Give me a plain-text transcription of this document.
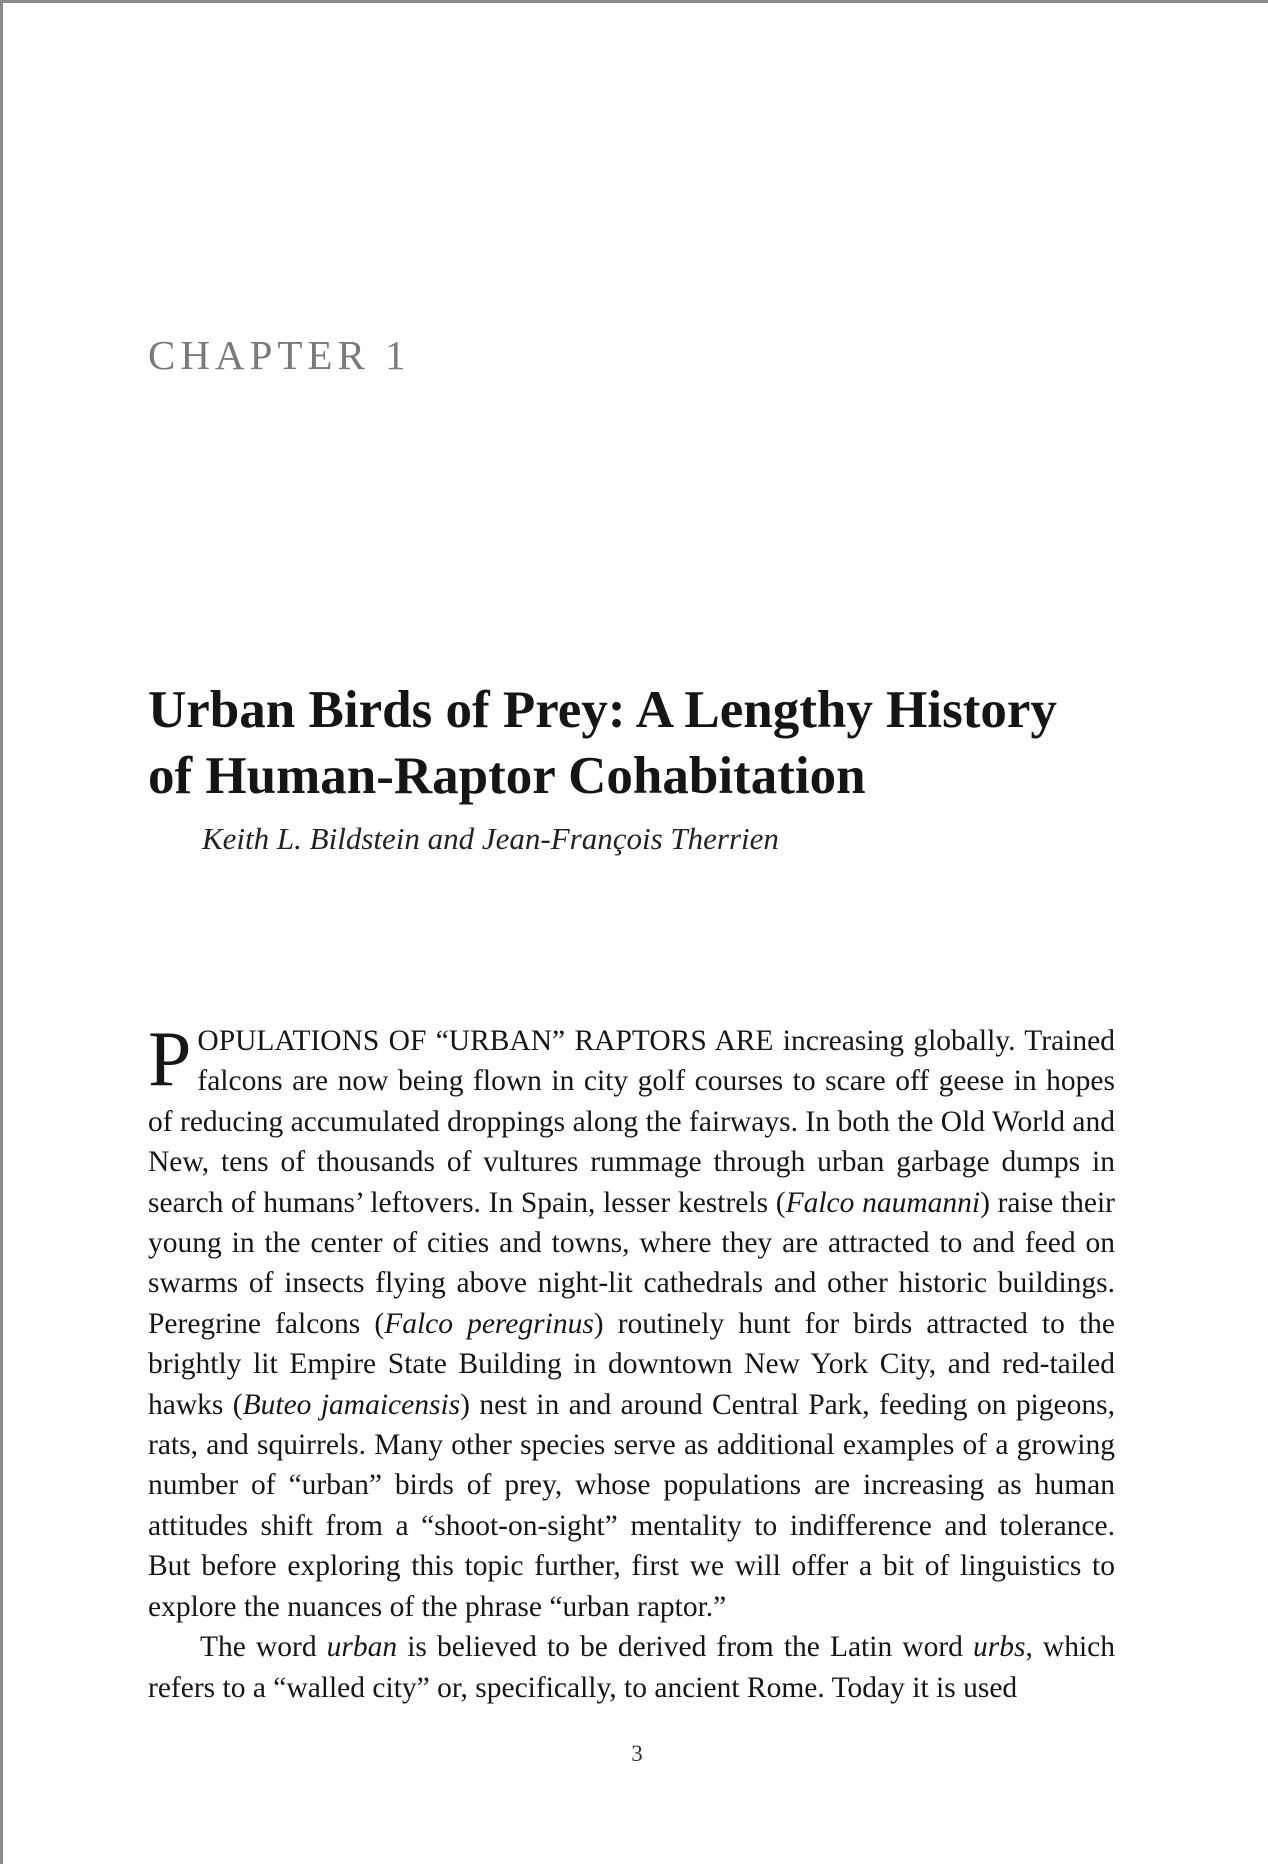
CHAPTER 1
Urban Birds of Prey: A Lengthy History
of Human-Raptor Cohabitation

Keith L. Bildstein and Jean-François Therrien

POPULATIONS OF “URBAN” RAPTORS ARE increasing globally. Trained falcons are now being flown in city golf courses to scare off geese in hopes of reducing accumulated droppings along the fairways. In both the Old World and New, tens of thousands of vultures rummage through urban garbage dumps in search of humans’ leftovers. In Spain, lesser kestrels (Falco naumanni) raise their young in the center of cities and towns, where they are attracted to and feed on swarms of insects flying above night-lit cathedrals and other historic buildings. Peregrine falcons (Falco peregrinus) routinely hunt for birds attracted to the brightly lit Empire State Building in downtown New York City, and red-tailed hawks (Buteo jamaicensis) nest in and around Central Park, feeding on pigeons, rats, and squirrels. Many other species serve as additional examples of a growing number of “urban” birds of prey, whose populations are increasing as human attitudes shift from a “shoot-on-sight” mentality to indifference and tolerance. But before exploring this topic further, first we will offer a bit of linguistics to explore the nuances of the phrase “urban raptor.”

The word urban is believed to be derived from the Latin word urbs, which refers to a “walled city” or, specifically, to ancient Rome. Today it is used

3
